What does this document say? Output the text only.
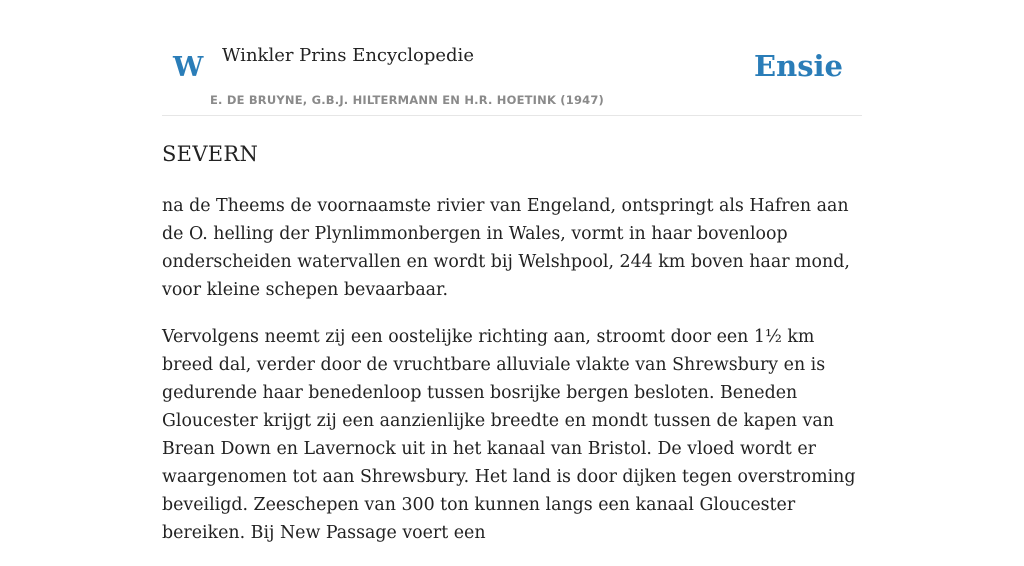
W Winkler Prins Encyclopedie
E. DE BRUYNE, G.B.J. HILTERMANN EN H.R. HOETINK (1947)
Ensie
SEVERN

na de Theems de voornaamste rivier van Engeland, ontspringt als Hafren aan de O. helling der Plynlimmonbergen in Wales, vormt in haar bovenloop onderscheiden watervallen en wordt bij Welshpool, 244 km boven haar mond, voor kleine schepen bevaarbaar.

Vervolgens neemt zij een oostelijke richting aan, stroomt door een 1½ km breed dal, verder door de vruchtbare alluviale vlakte van Shrewsbury en is gedurende haar benedenloop tussen bosrijke bergen besloten. Beneden Gloucester krijgt zij een aanzienlijke breedte en mondt tussen de kapen van Brean Down en Lavernock uit in het kanaal van Bristol. De vloed wordt er waargenomen tot aan Shrewsbury. Het land is door dijken tegen overstroming beveiligd. Zeeschepen van 300 ton kunnen langs een kanaal Gloucester bereiken. Bij New Passage voert een
